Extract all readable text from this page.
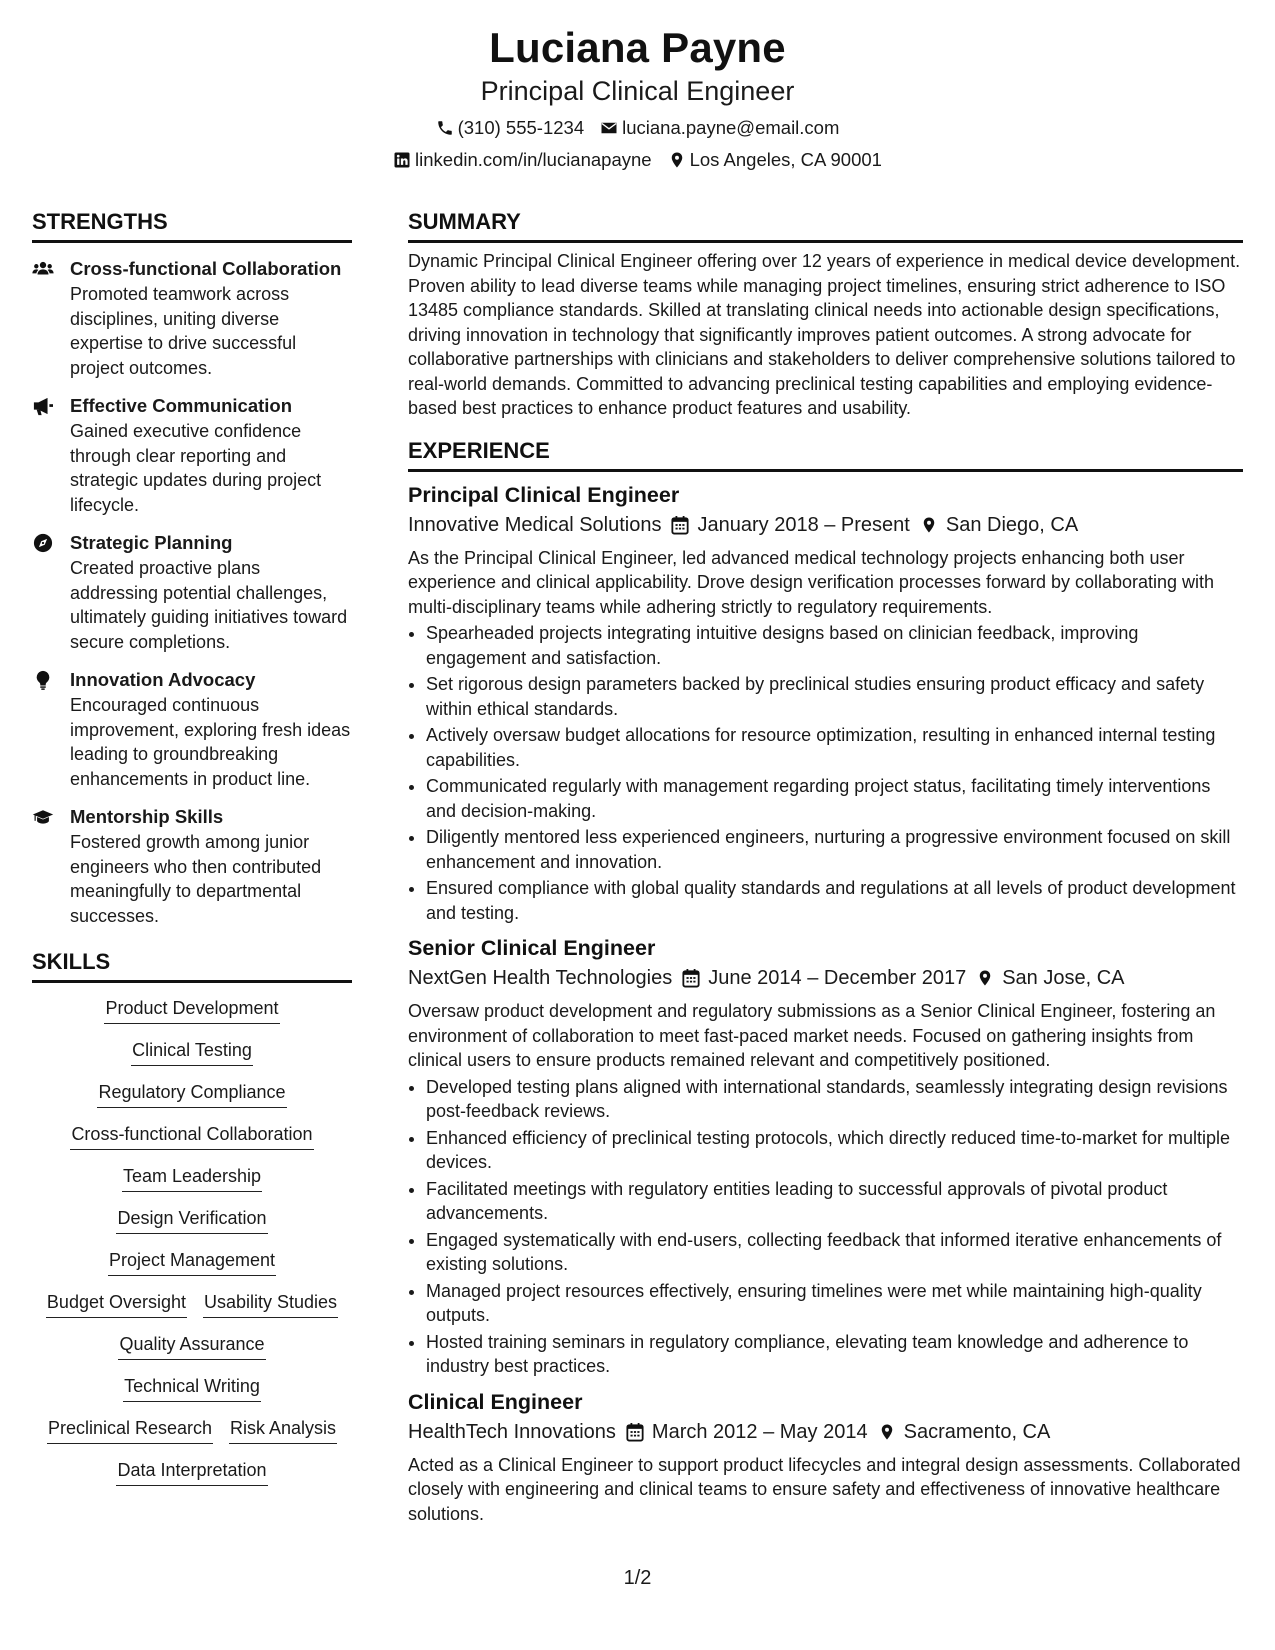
Luciana Payne
Principal Clinical Engineer
(310) 555-1234 luciana.payne@email.com
linkedin.com/in/lucianapayne Los Angeles, CA 90001
STRENGTHS
Cross-functional Collaboration
Promoted teamwork across disciplines, uniting diverse expertise to drive successful project outcomes.
Effective Communication
Gained executive confidence through clear reporting and strategic updates during project lifecycle.
Strategic Planning
Created proactive plans addressing potential challenges, ultimately guiding initiatives toward secure completions.
Innovation Advocacy
Encouraged continuous improvement, exploring fresh ideas leading to groundbreaking enhancements in product line.
Mentorship Skills
Fostered growth among junior engineers who then contributed meaningfully to departmental successes.
SKILLS
Product Development
Clinical Testing
Regulatory Compliance
Cross-functional Collaboration
Team Leadership
Design Verification
Project Management
Budget Oversight Usability Studies
Quality Assurance
Technical Writing
Preclinical Research Risk Analysis
Data Interpretation
SUMMARY
Dynamic Principal Clinical Engineer offering over 12 years of experience in medical device development. Proven ability to lead diverse teams while managing project timelines, ensuring strict adherence to ISO 13485 compliance standards. Skilled at translating clinical needs into actionable design specifications, driving innovation in technology that significantly improves patient outcomes. A strong advocate for collaborative partnerships with clinicians and stakeholders to deliver comprehensive solutions tailored to real-world demands. Committed to advancing preclinical testing capabilities and employing evidence-based best practices to enhance product features and usability.
EXPERIENCE
Principal Clinical Engineer
Innovative Medical Solutions January 2018 – Present San Diego, CA
As the Principal Clinical Engineer, led advanced medical technology projects enhancing both user experience and clinical applicability. Drove design verification processes forward by collaborating with multi-disciplinary teams while adhering strictly to regulatory requirements.
• Spearheaded projects integrating intuitive designs based on clinician feedback, improving engagement and satisfaction.
• Set rigorous design parameters backed by preclinical studies ensuring product efficacy and safety within ethical standards.
• Actively oversaw budget allocations for resource optimization, resulting in enhanced internal testing capabilities.
• Communicated regularly with management regarding project status, facilitating timely interventions and decision-making.
• Diligently mentored less experienced engineers, nurturing a progressive environment focused on skill enhancement and innovation.
• Ensured compliance with global quality standards and regulations at all levels of product development and testing.
Senior Clinical Engineer
NextGen Health Technologies June 2014 – December 2017 San Jose, CA
Oversaw product development and regulatory submissions as a Senior Clinical Engineer, fostering an environment of collaboration to meet fast-paced market needs. Focused on gathering insights from clinical users to ensure products remained relevant and competitively positioned.
• Developed testing plans aligned with international standards, seamlessly integrating design revisions post-feedback reviews.
• Enhanced efficiency of preclinical testing protocols, which directly reduced time-to-market for multiple devices.
• Facilitated meetings with regulatory entities leading to successful approvals of pivotal product advancements.
• Engaged systematically with end-users, collecting feedback that informed iterative enhancements of existing solutions.
• Managed project resources effectively, ensuring timelines were met while maintaining high-quality outputs.
• Hosted training seminars in regulatory compliance, elevating team knowledge and adherence to industry best practices.
Clinical Engineer
HealthTech Innovations March 2012 – May 2014 Sacramento, CA
Acted as a Clinical Engineer to support product lifecycles and integral design assessments. Collaborated closely with engineering and clinical teams to ensure safety and effectiveness of innovative healthcare solutions.
1/2
